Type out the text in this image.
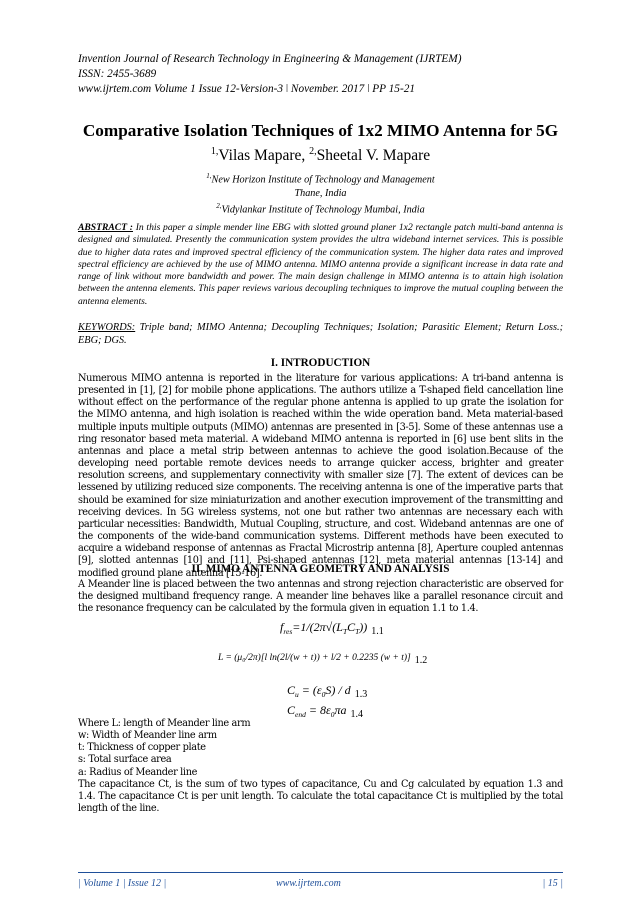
Invention Journal of Research Technology in Engineering & Management (IJRTEM)
ISSN: 2455-3689
www.ijrtem.com Volume 1 Issue 12-Version-3 ǀ November. 2017 ǀ PP 15-21
Comparative Isolation Techniques of 1x2 MIMO Antenna for 5G
$^{1,}$Vilas Mapare, $^{2,}$Sheetal V. Mapare
$^{1,}$New Horizon Institute of Technology and Management
Thane, India
$^{2,}$Vidylankar Institute of Technology Mumbai, India
ABSTRACT : In this paper a simple mender line EBG with slotted ground planer 1x2 rectangle patch multi-band antenna is designed and simulated. Presently the communication system provides the ultra wideband internet services. This is possible due to higher data rates and improved spectral efficiency of the communication system. The higher data rates and improved spectral efficiency are achieved by the use of MIMO antenna. MIMO antenna provide a significant increase in data rate and range of link without more bandwidth and power. The main design challenge in MIMO antenna is to attain high isolation between the antenna elements. This paper reviews various decoupling techniques to improve the mutual coupling between the antenna elements.
KEYWORDS: Triple band; MIMO Antenna; Decoupling Techniques; Isolation; Parasitic Element; Return Loss.; EBG; DGS.
I. INTRODUCTION
Numerous MIMO antenna is reported in the literature for various applications: A tri-band antenna is presented in [1], [2] for mobile phone applications. The authors utilize a T-shaped field cancellation line without effect on the performance of the regular phone antenna is applied to up grate the isolation for the MIMO antenna, and high isolation is reached within the wide operation band. Meta material-based multiple inputs multiple outputs (MIMO) antennas are presented in [3-5]. Some of these antennas use a ring resonator based meta material. A wideband MIMO antenna is reported in [6] use bent slits in the antennas and place a metal strip between antennas to achieve the good isolation.Because of the developing need portable remote devices needs to arrange quicker access, brighter and greater resolution screens, and supplementary connectivity with smaller size [7]. The extent of devices can be lessened by utilizing reduced size components. The receiving antenna is one of the imperative parts that should be examined for size miniaturization and another execution improvement of the transmitting and receiving devices. In 5G wireless systems, not one but rather two antennas are necessary each with particular necessities: Bandwidth, Mutual Coupling, structure, and cost. Wideband antennas are one of the components of the wide-band communication systems. Different methods have been executed to acquire a wideband response of antennas as Fractal Microstrip antenna [8], Aperture coupled antennas [9], slotted antennas [10] and [11], Psi-shaped antennas [12], meta material antennas [13-14] and modified ground plane antenna [15-16].
II. MIMO ANTENNA GEOMETRY AND ANALYSIS
A Meander line is placed between the two antennas and strong rejection characteristic are observed for the designed multiband frequency range. A meander line behaves like a parallel resonance circuit and the resonance frequency can be calculated by the formula given in equation 1.1 to 1.4.
$f_{res}=1/(2\pi√(L_TC_T))$ $_{1.1}$
L = (μ₀/2π)[l ln(2l/(w + t)) + l/2 + 0.2235 (w + t)] 1.2
$C_u = (\varepsilon_0S) / d$ $_{1.3}$
$C_{end} = 8\varepsilon_0\pi a$ $_{1.4}$
Where L: length of Meander line arm
w: Width of Meander line arm
t: Thickness of copper plate
s: Total surface area
a: Radius of Meander line
The capacitance Ct, is the sum of two types of capacitance, Cu and Cg calculated by equation 1.3 and 1.4. The capacitance Ct is per unit length. To calculate the total capacitance Ct is multiplied by the total length of the line.
| Volume 1 | Issue 12 |	www.ijrtem.com	| 15 |
